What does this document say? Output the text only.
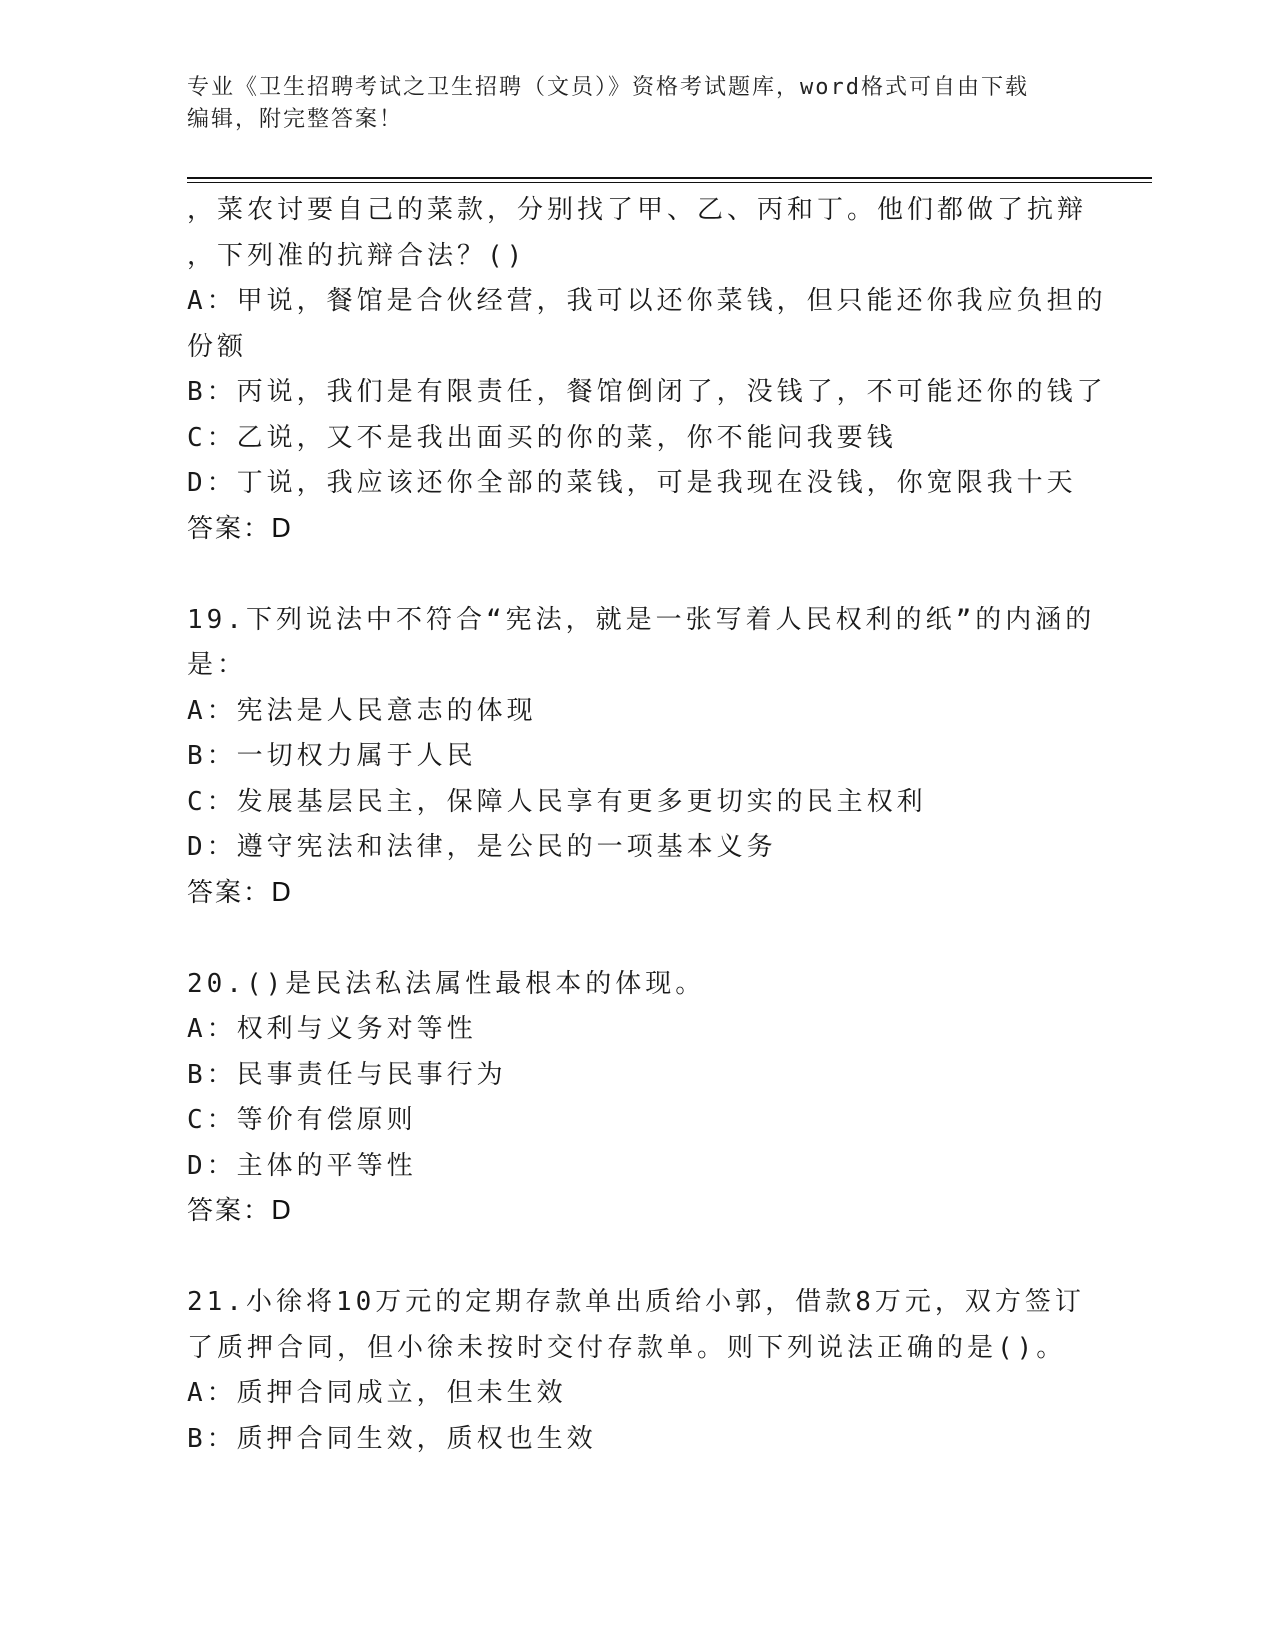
专业《卫生招聘考试之卫生招聘（文员）》资格考试题库，word格式可自由下载
编辑，附完整答案！
，菜农讨要自己的菜款，分别找了甲、乙、丙和丁。他们都做了抗辩
，下列准的抗辩合法？()
A：甲说，餐馆是合伙经营，我可以还你菜钱，但只能还你我应负担的
份额
B：丙说，我们是有限责任，餐馆倒闭了，没钱了，不可能还你的钱了
C：乙说，又不是我出面买的你的菜，你不能问我要钱
D：丁说，我应该还你全部的菜钱，可是我现在没钱，你宽限我十天
答案：D
19.下列说法中不符合“宪法，就是一张写着人民权利的纸”的内涵的
是：
A：宪法是人民意志的体现
B：一切权力属于人民
C：发展基层民主，保障人民享有更多更切实的民主权利
D：遵守宪法和法律，是公民的一项基本义务
答案：D
20.()是民法私法属性最根本的体现。
A：权利与义务对等性
B：民事责任与民事行为
C：等价有偿原则
D：主体的平等性
答案：D
21.小徐将10万元的定期存款单出质给小郭，借款8万元，双方签订
了质押合同，但小徐未按时交付存款单。则下列说法正确的是()。
A：质押合同成立，但未生效
B：质押合同生效，质权也生效
